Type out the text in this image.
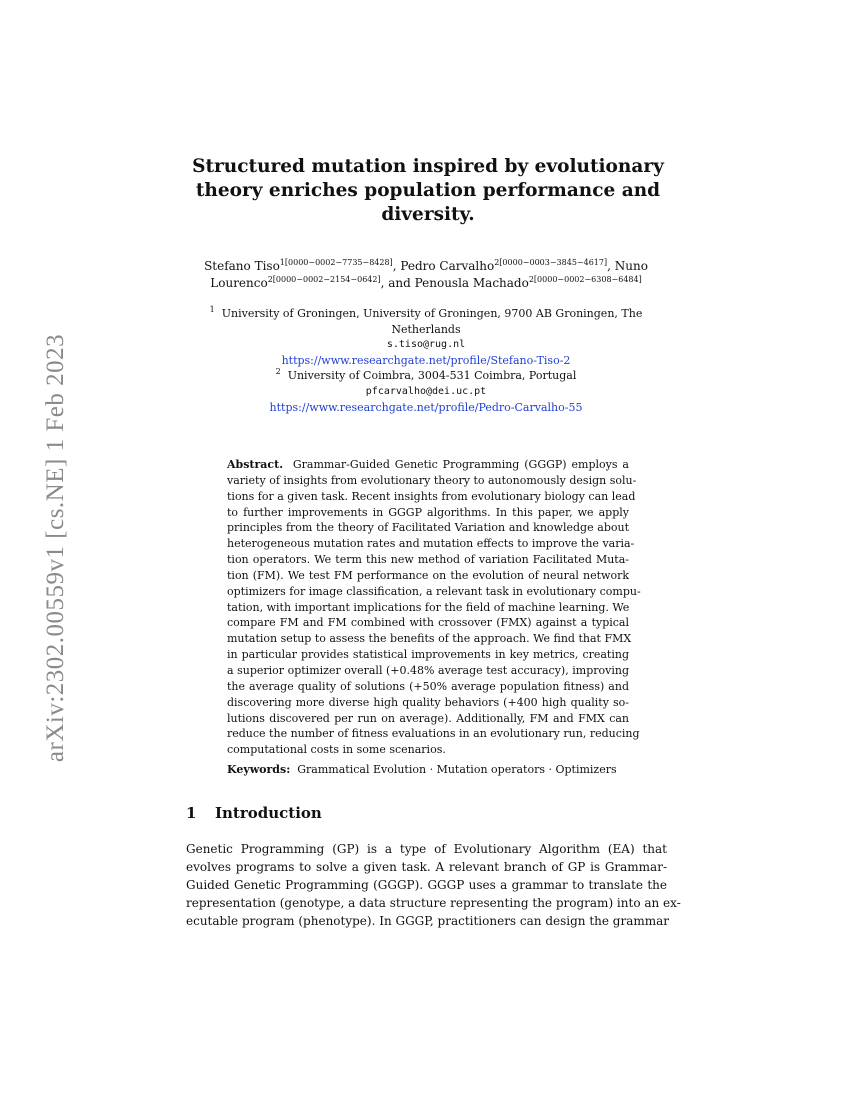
arXiv:2302.00559v1 [cs.NE] 1 Feb 2023
Structured mutation inspired by evolutionary
theory enriches population performance and
diversity.
Stefano Tiso$^{1[0000-0002-7735-8428]}$, Pedro Carvalho$^{2[0000-0003-3845-4617]}$, Nuno
Lourenco$^{2[0000-0002-2154-0642]}$, and Penousla Machado$^{2[0000-0002-6308-6484]}$
$^1$ University of Groningen, University of Groningen, 9700 AB Groningen, The
Netherlands
s.tiso@rug.nl
https://www.researchgate.net/profile/Stefano-Tiso-2
$^2$ University of Coimbra, 3004-531 Coimbra, Portugal
pfcarvalho@dei.uc.pt
https://www.researchgate.net/profile/Pedro-Carvalho-55
Abstract. Grammar-Guided Genetic Programming (GGGP) employs a
variety of insights from evolutionary theory to autonomously design solu-
tions for a given task. Recent insights from evolutionary biology can lead
to further improvements in GGGP algorithms. In this paper, we apply
principles from the theory of Facilitated Variation and knowledge about
heterogeneous mutation rates and mutation effects to improve the varia-
tion operators. We term this new method of variation Facilitated Muta-
tion (FM). We test FM performance on the evolution of neural network
optimizers for image classification, a relevant task in evolutionary compu-
tation, with important implications for the field of machine learning. We
compare FM and FM combined with crossover (FMX) against a typical
mutation setup to assess the benefits of the approach. We find that FMX
in particular provides statistical improvements in key metrics, creating
a superior optimizer overall (+0.48% average test accuracy), improving
the average quality of solutions (+50% average population fitness) and
discovering more diverse high quality behaviors (+400 high quality so-
lutions discovered per run on average). Additionally, FM and FMX can
reduce the number of fitness evaluations in an evolutionary run, reducing
computational costs in some scenarios.
Keywords: Grammatical Evolution · Mutation operators · Optimizers
1 Introduction
Genetic Programming (GP) is a type of Evolutionary Algorithm (EA) that
evolves programs to solve a given task. A relevant branch of GP is Grammar-
Guided Genetic Programming (GGGP). GGGP uses a grammar to translate the
representation (genotype, a data structure representing the program) into an ex-
ecutable program (phenotype). In GGGP, practitioners can design the grammar
